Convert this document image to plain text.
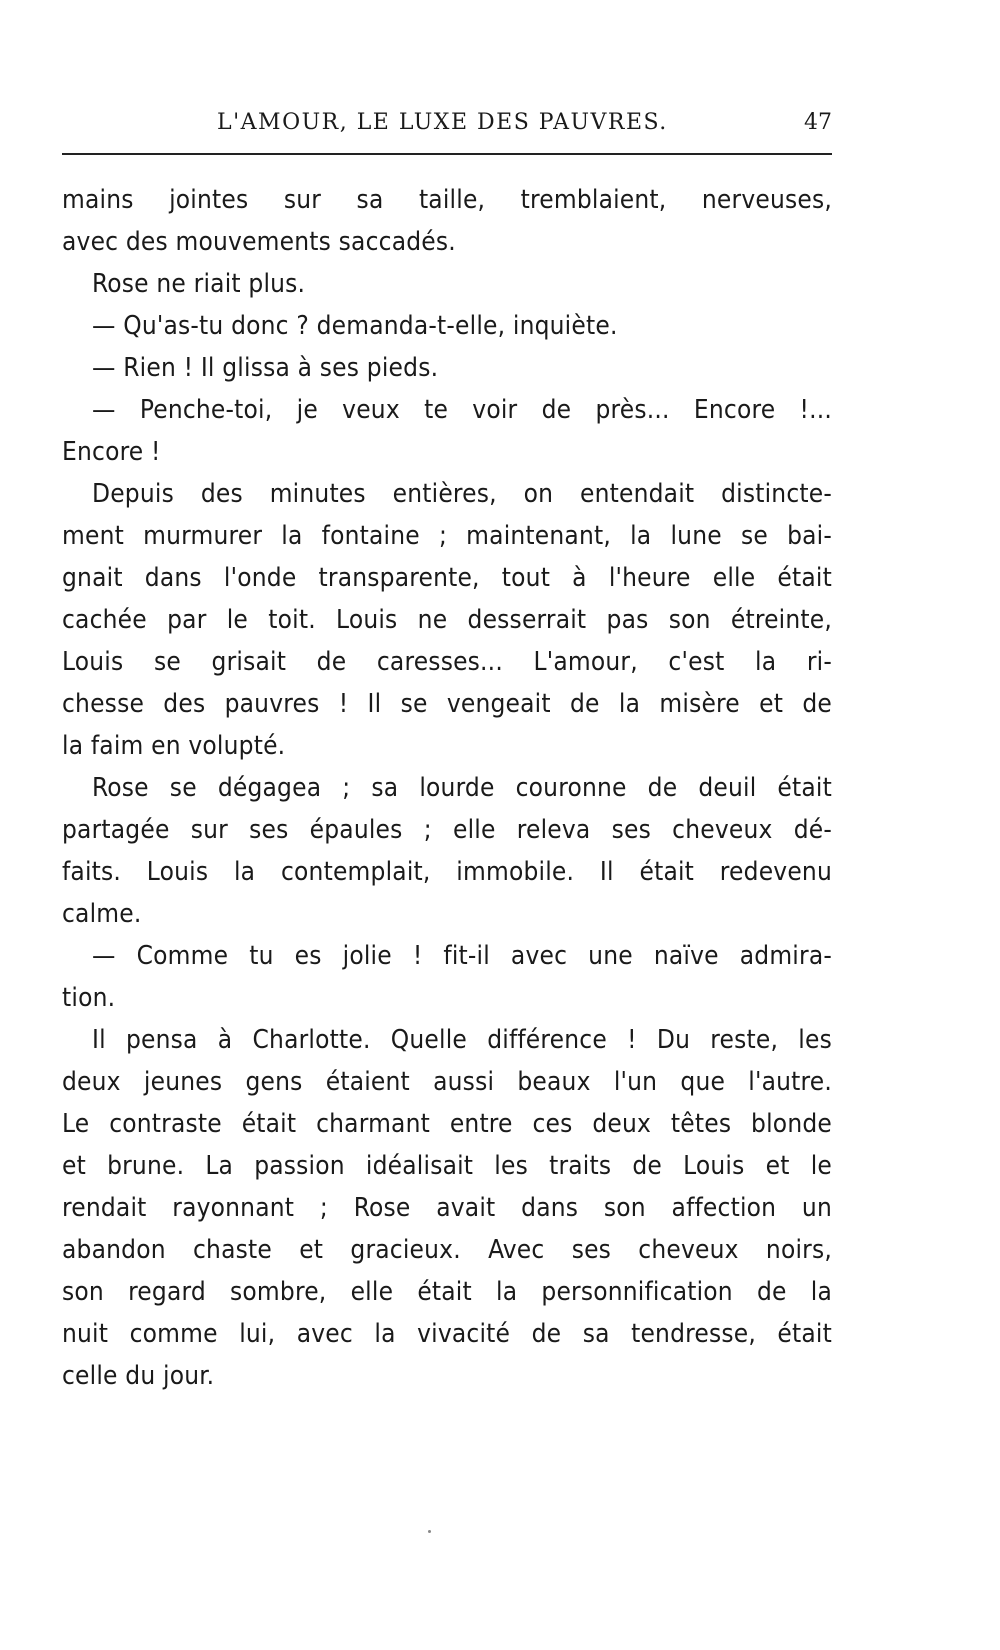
L'AMOUR, LE LUXE DES PAUVRES.	47
mains jointes sur sa taille, tremblaient, nerveuses,
avec des mouvements saccadés.
Rose ne riait plus.
— Qu'as-tu donc ? demanda-t-elle, inquiète.
— Rien ! Il glissa à ses pieds.
— Penche-toi, je veux te voir de près... Encore !...
Encore !
Depuis des minutes entières, on entendait distincte-
ment murmurer la fontaine ; maintenant, la lune se bai-
gnait dans l'onde transparente, tout à l'heure elle était
cachée par le toit. Louis ne desserrait pas son étreinte,
Louis se grisait de caresses... L'amour, c'est la ri-
chesse des pauvres ! Il se vengeait de la misère et de
la faim en volupté.
Rose se dégagea ; sa lourde couronne de deuil était
partagée sur ses épaules ; elle releva ses cheveux dé-
faits. Louis la contemplait, immobile. Il était redevenu
calme.
— Comme tu es jolie ! fit-il avec une naïve admira-
tion.
Il pensa à Charlotte. Quelle différence ! Du reste, les
deux jeunes gens étaient aussi beaux l'un que l'autre.
Le contraste était charmant entre ces deux têtes blonde
et brune. La passion idéalisait les traits de Louis et le
rendait rayonnant ; Rose avait dans son affection un
abandon chaste et gracieux. Avec ses cheveux noirs,
son regard sombre, elle était la personnification de la
nuit comme lui, avec la vivacité de sa tendresse, était
celle du jour.
